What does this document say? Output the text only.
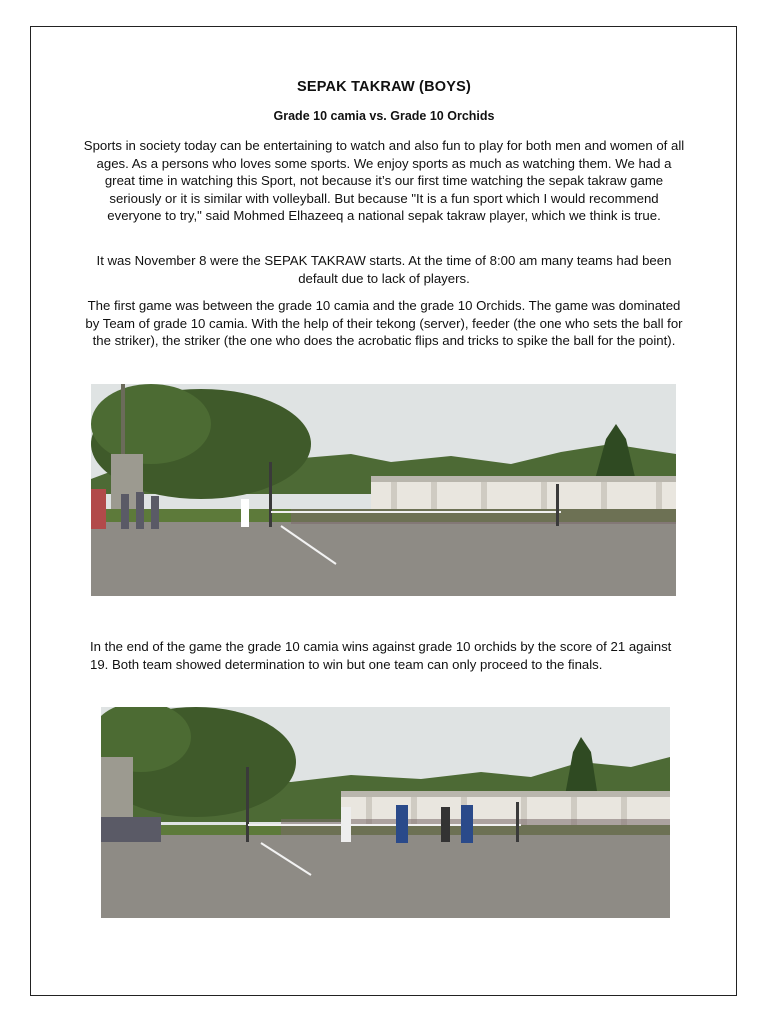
SEPAK TAKRAW (BOYS)
Grade 10 camia vs. Grade 10 Orchids
Sports in society today can be entertaining to watch and also fun to play for both men and women of all ages. As a persons who loves some sports. We enjoy sports as much as watching them. We had a great time in watching this Sport, not because it’s our first time watching the sepak takraw game seriously or it is similar with volleyball. But because "It is a fun sport which I would recommend everyone to try," said Mohmed Elhazeeq a national sepak takraw player, which we think is true.
It was November 8 were the SEPAK TAKRAW starts. At the time of 8:00 am many teams had been default due to lack of players.
The first game was between the grade 10 camia and the grade 10 Orchids. The game was dominated by Team of grade 10 camia. With the help of their tekong (server), feeder (the one who sets the ball for the striker), the striker (the one who does the acrobatic flips and tricks to spike the ball for the point).
In the end of the game the grade 10 camia wins against grade 10 orchids by the score of 21 against 19. Both team showed determination to win but one team can only proceed to the finals.
